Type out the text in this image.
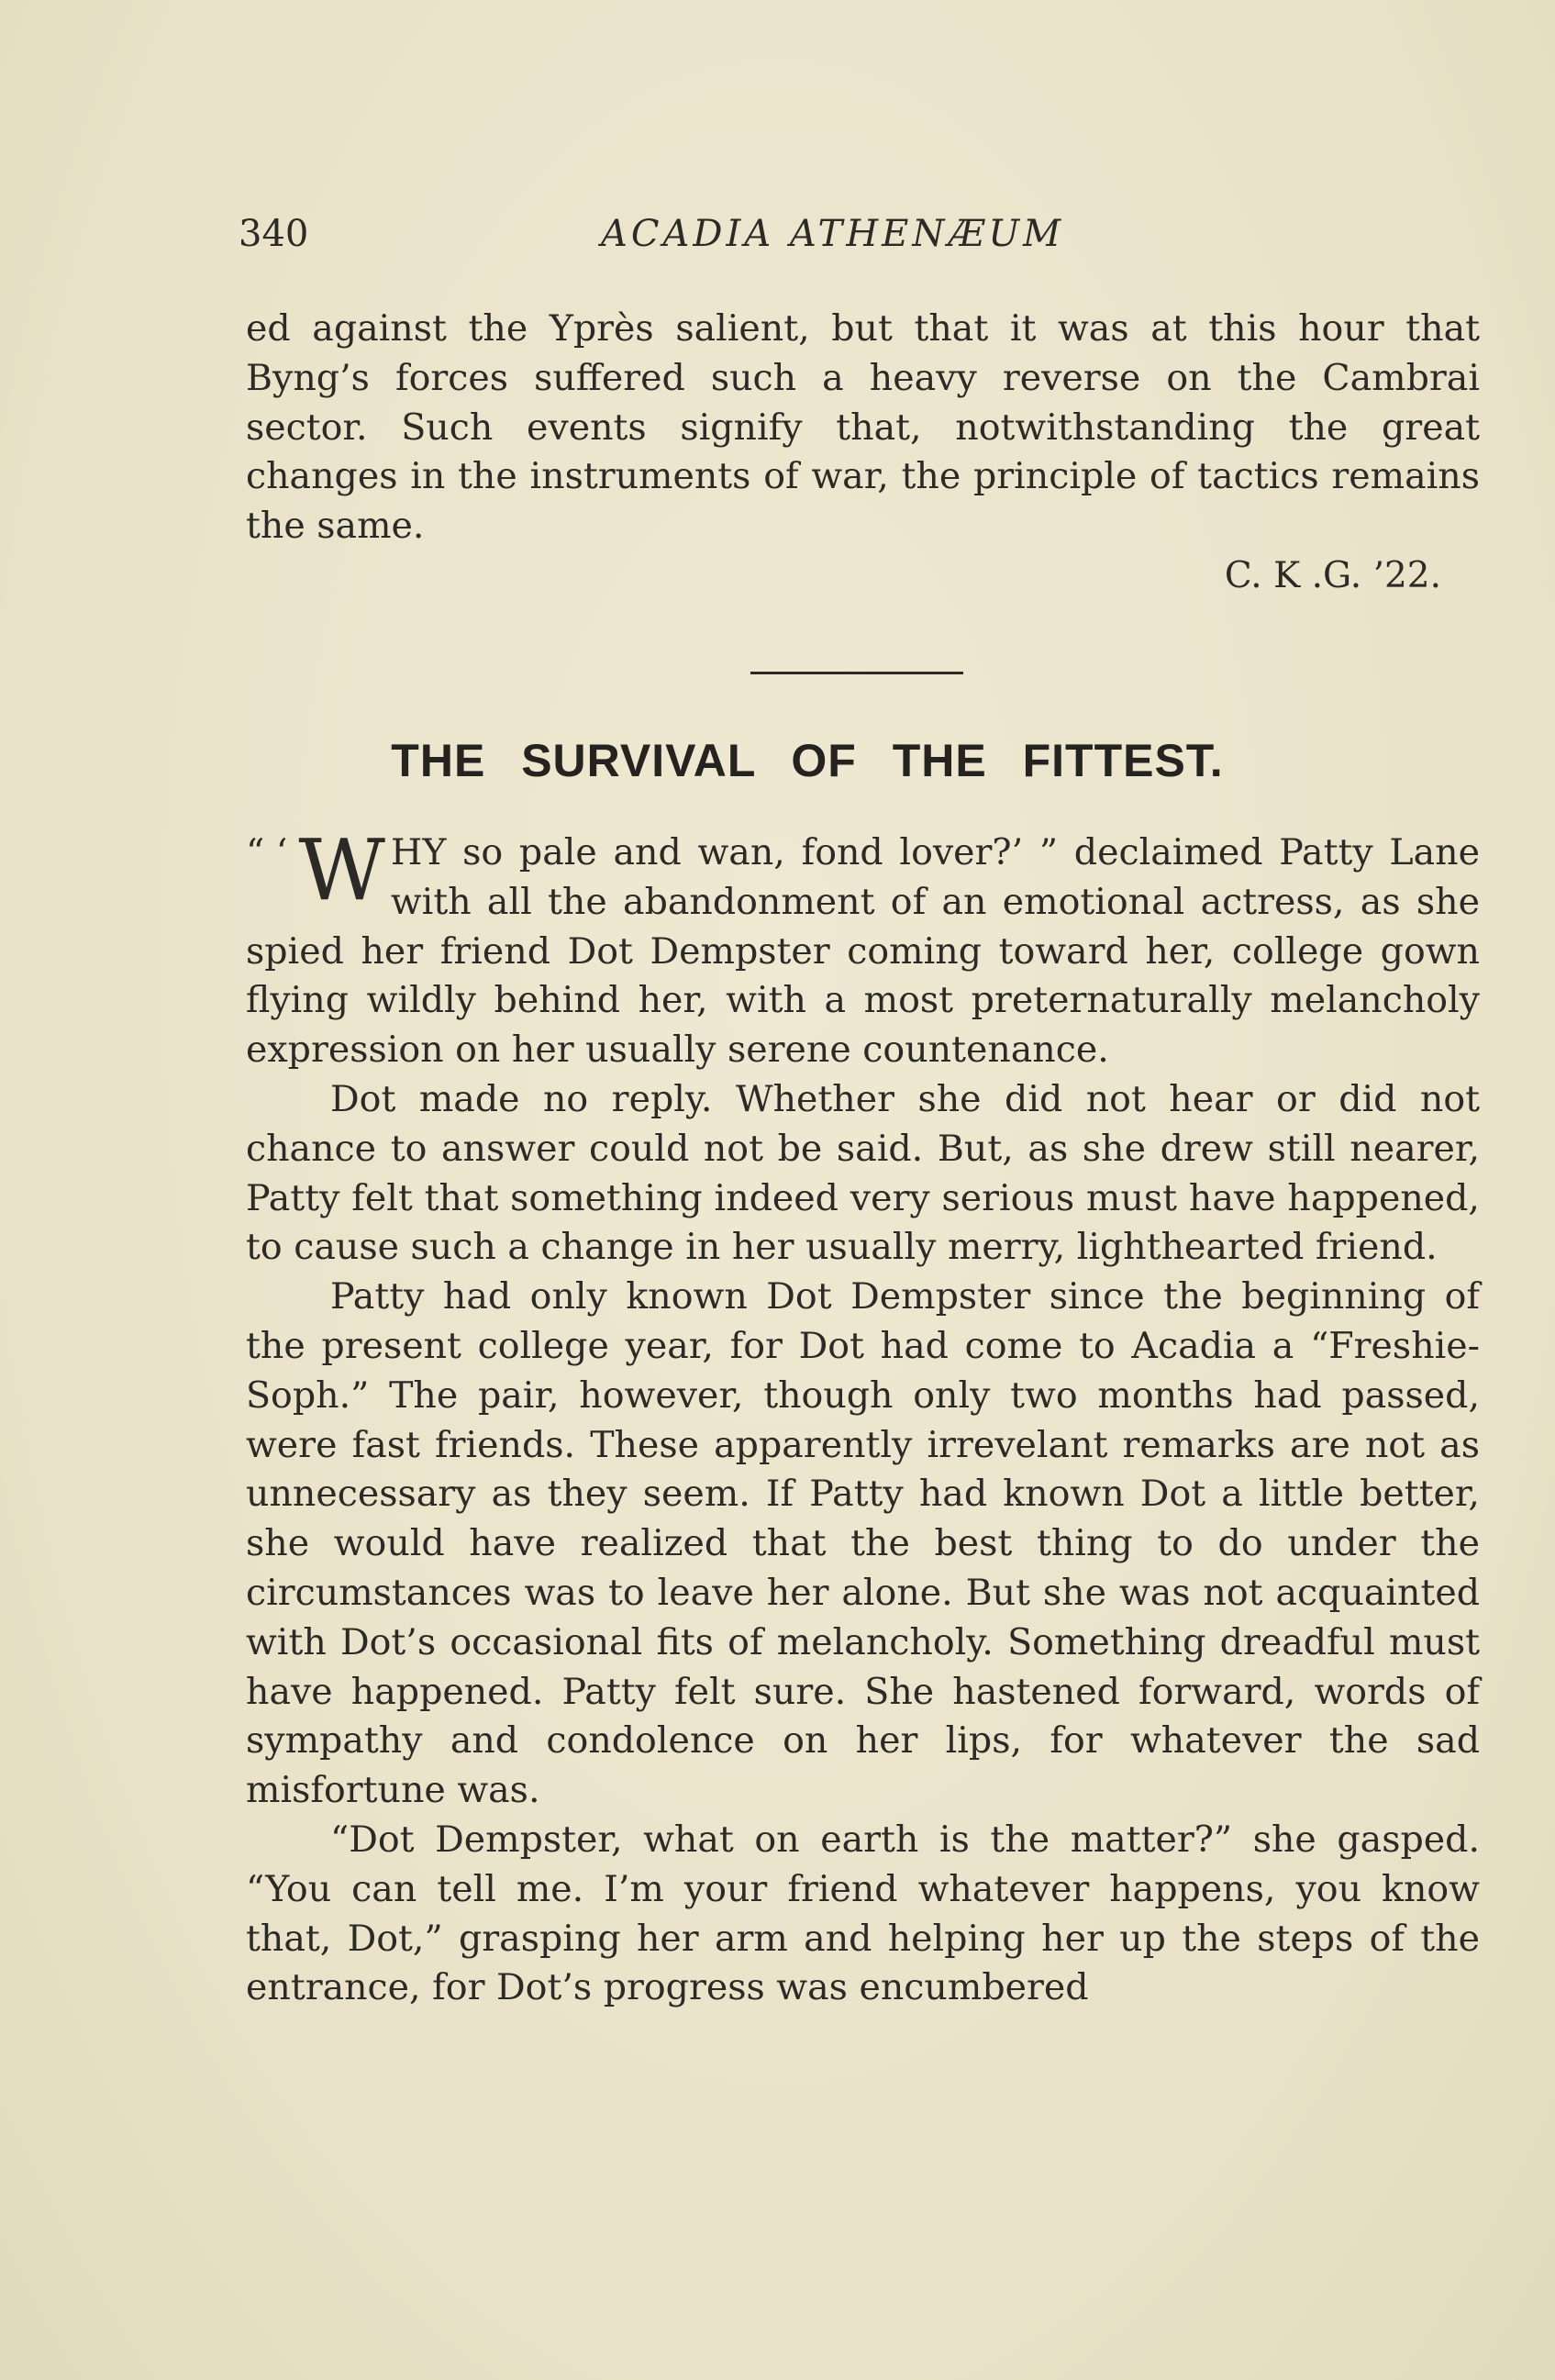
340	ACADIA ATHENÆUM

ed against the Yprès salient, but that it was at this hour that Byng’s forces suffered such a heavy reverse on the Cambrai sector. Such events signify that, notwithstanding the great changes in the instruments of war, the principle of tactics remains the same.

C. K .G. ’22.

THE SURVIVAL OF THE FITTEST.

“ ‘ W HY so pale and wan, fond lover?’ ” declaimed Patty Lane with all the abandonment of an emotional actress, as she spied her friend Dot Dempster coming toward her, college gown flying wildly behind her, with a most preternaturally melancholy expression on her usually serene countenance.

Dot made no reply. Whether she did not hear or did not chance to answer could not be said. But, as she drew still nearer, Patty felt that something indeed very serious must have happened, to cause such a change in her usually merry, lighthearted friend.

Patty had only known Dot Dempster since the beginning of the present college year, for Dot had come to Acadia a “Freshie-Soph.” The pair, however, though only two months had passed, were fast friends. These apparently irrevelant remarks are not as unnecessary as they seem. If Patty had known Dot a little better, she would have realized that the best thing to do under the circumstances was to leave her alone. But she was not acquainted with Dot’s occasional fits of melancholy. Something dreadful must have happened. Patty felt sure. She hastened forward, words of sympathy and condolence on her lips, for whatever the sad misfortune was.

“Dot Dempster, what on earth is the matter?” she gasped. “You can tell me. I’m your friend whatever happens, you know that, Dot,” grasping her arm and helping her up the steps of the entrance, for Dot’s progress was encumbered
